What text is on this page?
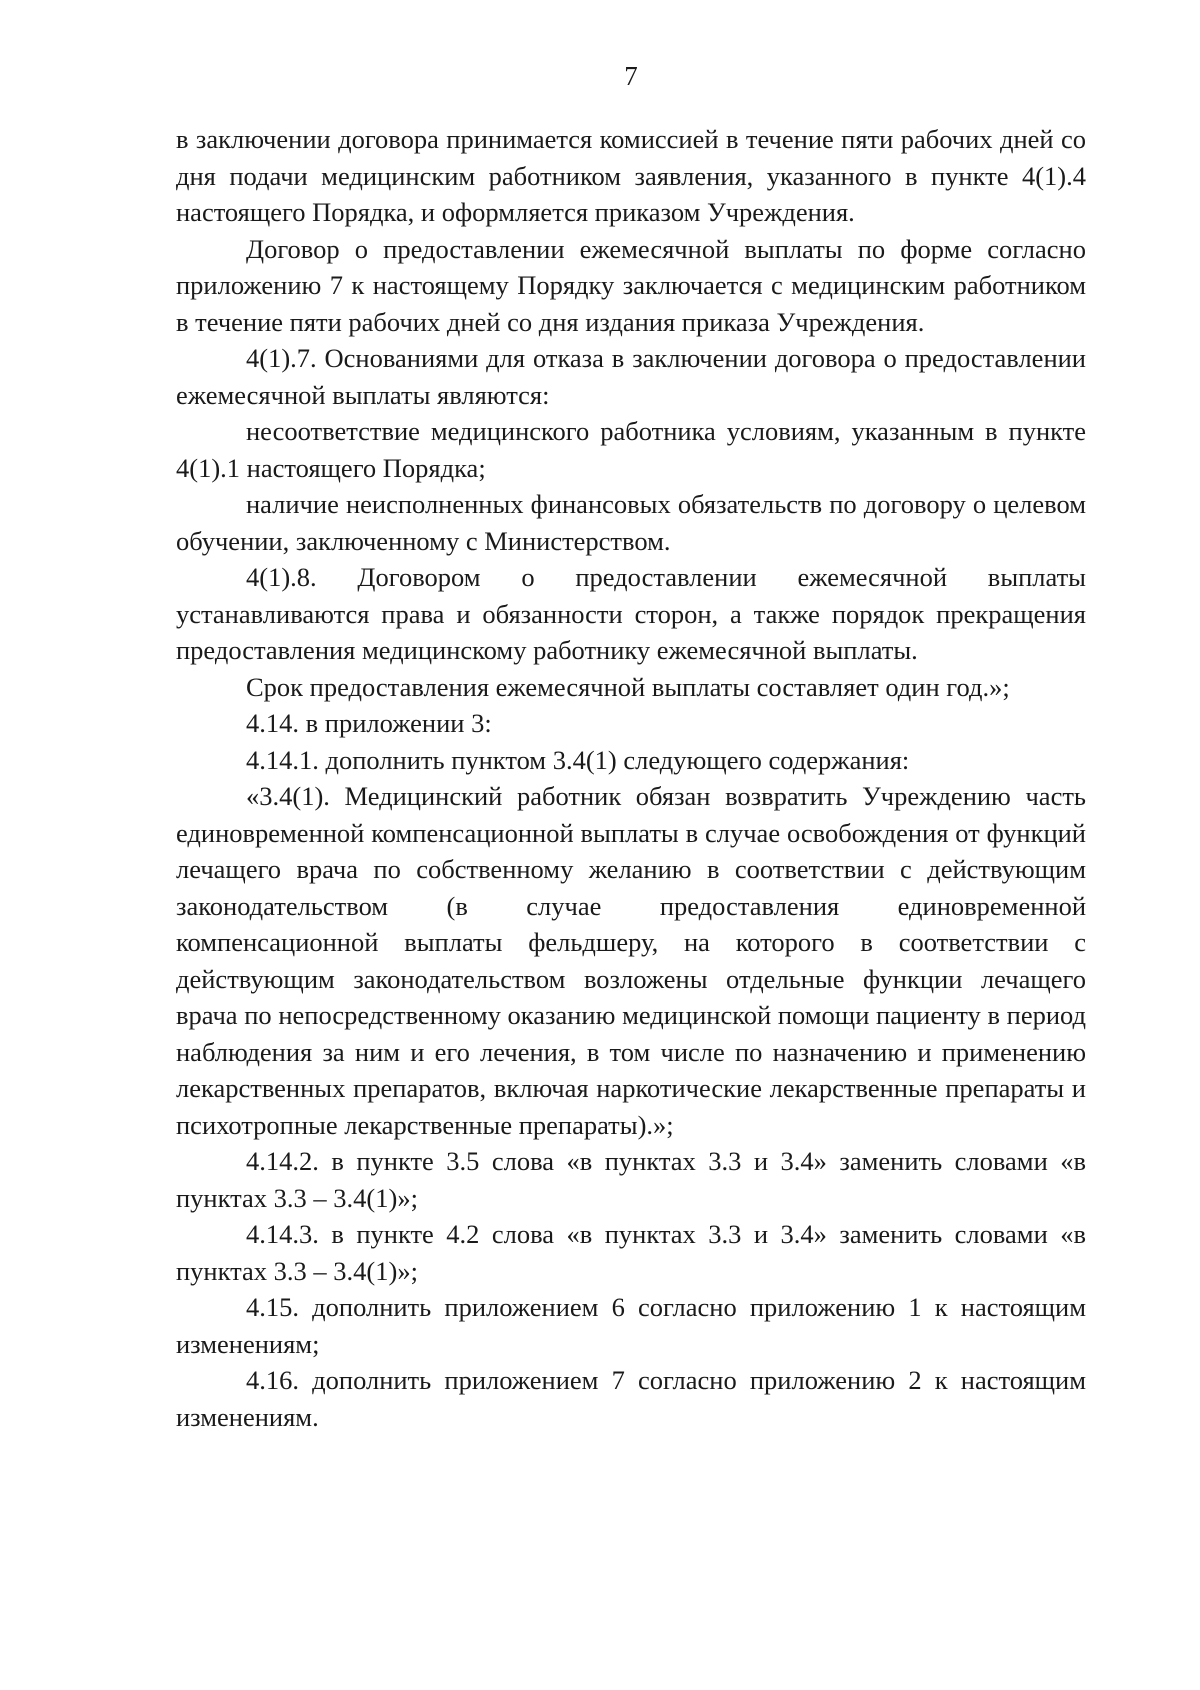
7

в заключении договора принимается комиссией в течение пяти рабочих дней со дня подачи медицинским работником заявления, указанного в пункте 4(1).4 настоящего Порядка, и оформляется приказом Учреждения.

Договор о предоставлении ежемесячной выплаты по форме согласно приложению 7 к настоящему Порядку заключается с медицинским работником в течение пяти рабочих дней со дня издания приказа Учреждения.

4(1).7. Основаниями для отказа в заключении договора о предоставлении ежемесячной выплаты являются:

несоответствие медицинского работника условиям, указанным в пункте 4(1).1 настоящего Порядка;

наличие неисполненных финансовых обязательств по договору о целевом обучении, заключенному с Министерством.

4(1).8. Договором о предоставлении ежемесячной выплаты устанавливаются права и обязанности сторон, а также порядок прекращения предоставления медицинскому работнику ежемесячной выплаты.

Срок предоставления ежемесячной выплаты составляет один год.»;

4.14. в приложении 3:

4.14.1. дополнить пунктом 3.4(1) следующего содержания:

«3.4(1). Медицинский работник обязан возвратить Учреждению часть единовременной компенсационной выплаты в случае освобождения от функций лечащего врача по собственному желанию в соответствии с действующим законодательством (в случае предоставления единовременной компенсационной выплаты фельдшеру, на которого в соответствии с действующим законодательством возложены отдельные функции лечащего врача по непосредственному оказанию медицинской помощи пациенту в период наблюдения за ним и его лечения, в том числе по назначению и применению лекарственных препаратов, включая наркотические лекарственные препараты и психотропные лекарственные препараты).»;

4.14.2. в пункте 3.5 слова «в пунктах 3.3 и 3.4» заменить словами «в пунктах 3.3 – 3.4(1)»;

4.14.3. в пункте 4.2 слова «в пунктах 3.3 и 3.4» заменить словами «в пунктах 3.3 – 3.4(1)»;

4.15. дополнить приложением 6 согласно приложению 1 к настоящим изменениям;

4.16. дополнить приложением 7 согласно приложению 2 к настоящим изменениям.
